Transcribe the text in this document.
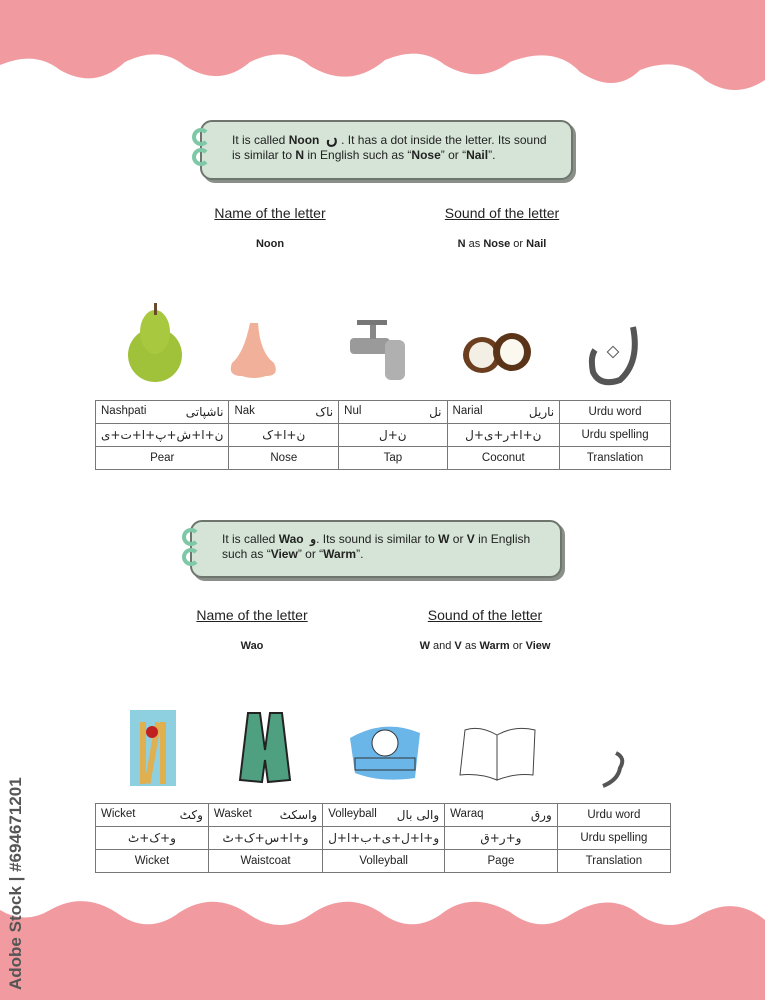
Adobe Stock | #694671201
It is called Noon ں . It has a dot inside the letter. Its sound is similar to N in English such as “Nose” or “Nail”.
Name of the letter	Sound of the letter
Noon	N as Nose or Nail
Nashpati ناشپاتی	Nak ناک	Nul نل	Narial ناریل	Urdu word
ن+ا+ش+پ+ا+ت+ی	ن+ا+ک	ن+ل	ن+ا+ر+ی+ل	Urdu spelling
Pear	Nose	Tap	Coconut	Translation
It is called Wao و. Its sound is similar to W or V in English such as “View” or “Warm”.
Name of the letter	Sound of the letter
Wao	W and V as Warm or View
Wicket وکٹ	Wasket واسکٹ	Volleyball والی بال	Waraq ورق	Urdu word
و+ک+ٹ	و+ا+س+ک+ٹ	و+ا+ل+ی+ب+ا+ل	و+ر+ق	Urdu spelling
Wicket	Waistcoat	Volleyball	Page	Translation
